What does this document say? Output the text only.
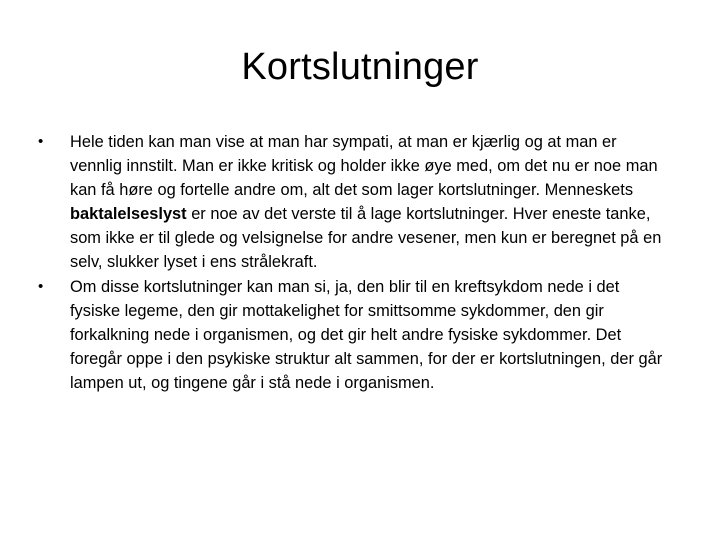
Kortslutninger
•	Hele tiden kan man vise at man har sympati, at man er kjærlig og at man er vennlig innstilt. Man er ikke kritisk og holder ikke øye med, om det nu er noe man kan få høre og fortelle andre om, alt det som lager kortslutninger. Menneskets baktalelseslyst er noe av det verste til å lage kortslutninger. Hver eneste tanke, som ikke er til glede og velsignelse for andre vesener, men kun er beregnet på en selv, slukker lyset i ens strålekraft.
•	Om disse kortslutninger kan man si, ja, den blir til en kreftsykdom nede i det fysiske legeme, den gir mottakelighet for smittsomme sykdommer, den gir forkalkning nede i organismen, og det gir helt andre fysiske sykdommer. Det foregår oppe i den psykiske struktur alt sammen, for der er kortslutningen, der går lampen ut, og tingene går i stå nede i organismen.
